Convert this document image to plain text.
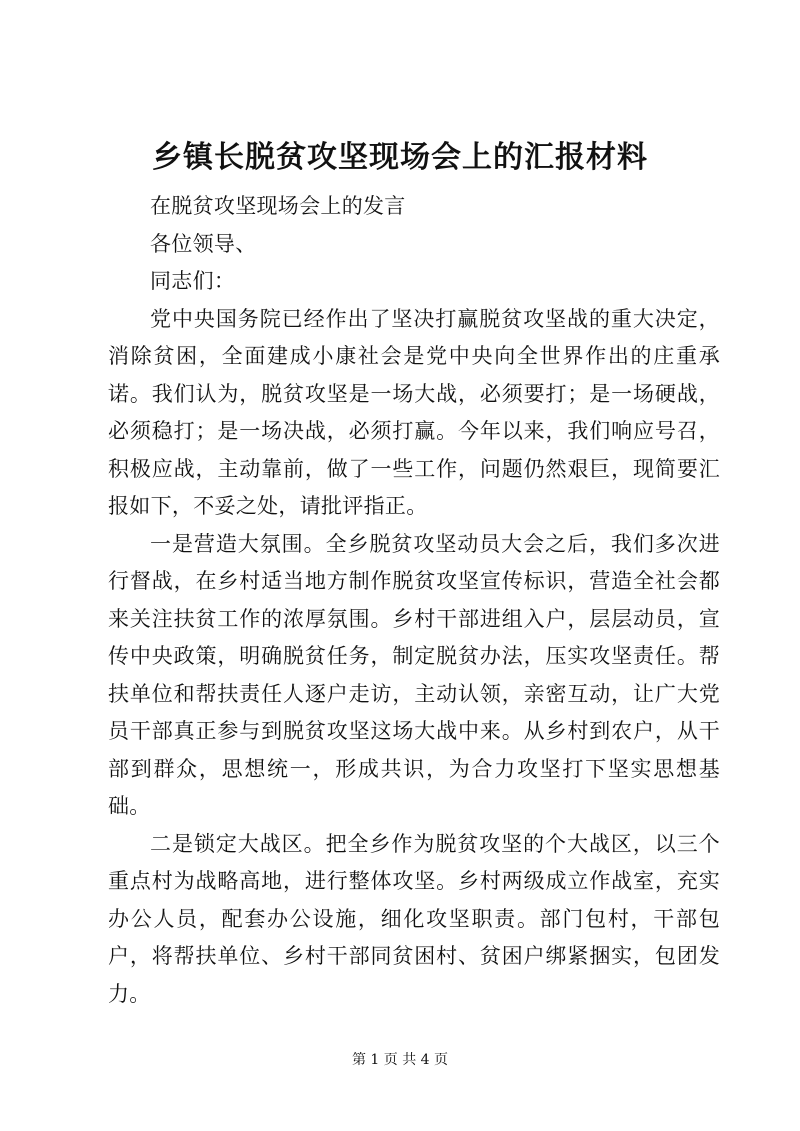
乡镇长脱贫攻坚现场会上的汇报材料

在脱贫攻坚现场会上的发言

各位领导、

同志们：

党中央国务院已经作出了坚决打赢脱贫攻坚战的重大决定，消除贫困，全面建成小康社会是党中央向全世界作出的庄重承诺。我们认为，脱贫攻坚是一场大战，必须要打；是一场硬战，必须稳打；是一场决战，必须打赢。今年以来，我们响应号召，积极应战，主动靠前，做了一些工作，问题仍然艰巨，现简要汇报如下，不妥之处，请批评指正。

一是营造大氛围。全乡脱贫攻坚动员大会之后，我们多次进行督战，在乡村适当地方制作脱贫攻坚宣传标识，营造全社会都来关注扶贫工作的浓厚氛围。乡村干部进组入户，层层动员，宣传中央政策，明确脱贫任务，制定脱贫办法，压实攻坚责任。帮扶单位和帮扶责任人逐户走访，主动认领，亲密互动，让广大党员干部真正参与到脱贫攻坚这场大战中来。从乡村到农户，从干部到群众，思想统一，形成共识，为合力攻坚打下坚实思想基础。

二是锁定大战区。把全乡作为脱贫攻坚的个大战区，以三个重点村为战略高地，进行整体攻坚。乡村两级成立作战室，充实办公人员，配套办公设施，细化攻坚职责。部门包村，干部包户，将帮扶单位、乡村干部同贫困村、贫困户绑紧捆实，包团发力。

第 1 页 共 4 页
